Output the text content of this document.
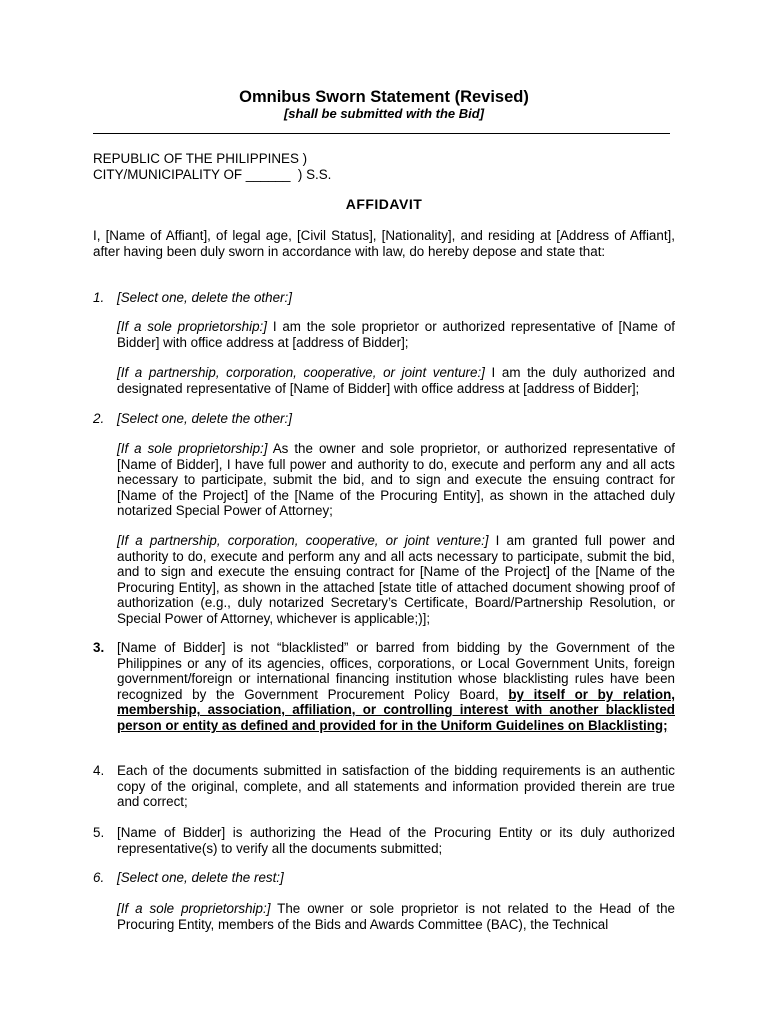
Omnibus Sworn Statement (Revised)
[shall be submitted with the Bid]

REPUBLIC OF THE PHILIPPINES )

CITY/MUNICIPALITY OF ______  ) S.S.

AFFIDAVIT

I, [Name of Affiant], of legal age, [Civil Status], [Nationality], and residing at [Address of Affiant], after having been duly sworn in accordance with law, do hereby depose and state that:

1. [Select one, delete the other:]

[If a sole proprietorship:] I am the sole proprietor or authorized representative of [Name of Bidder] with office address at [address of Bidder];

[If a partnership, corporation, cooperative, or joint venture:] I am the duly authorized and designated representative of [Name of Bidder] with office address at [address of Bidder];

2. [Select one, delete the other:]

[If a sole proprietorship:] As the owner and sole proprietor, or authorized representative of [Name of Bidder], I have full power and authority to do, execute and perform any and all acts necessary to participate, submit the bid, and to sign and execute the ensuing contract for [Name of the Project] of the [Name of the Procuring Entity], as shown in the attached duly notarized Special Power of Attorney;

[If a partnership, corporation, cooperative, or joint venture:] I am granted full power and authority to do, execute and perform any and all acts necessary to participate, submit the bid, and to sign and execute the ensuing contract for [Name of the Project] of the [Name of the Procuring Entity], as shown in the attached [state title of attached document showing proof of authorization (e.g., duly notarized Secretary’s Certificate, Board/Partnership Resolution, or Special Power of Attorney, whichever is applicable;)];

3. [Name of Bidder] is not “blacklisted” or barred from bidding by the Government of the Philippines or any of its agencies, offices, corporations, or Local Government Units, foreign government/foreign or international financing institution whose blacklisting rules have been recognized by the Government Procurement Policy Board, by itself or by relation, membership, association, affiliation, or controlling interest with another blacklisted person or entity as defined and provided for in the Uniform Guidelines on Blacklisting;

4. Each of the documents submitted in satisfaction of the bidding requirements is an authentic copy of the original, complete, and all statements and information provided therein are true and correct;

5. [Name of Bidder] is authorizing the Head of the Procuring Entity or its duly authorized representative(s) to verify all the documents submitted;

6. [Select one, delete the rest:]

[If a sole proprietorship:] The owner or sole proprietor is not related to the Head of the Procuring Entity, members of the Bids and Awards Committee (BAC), the Technical
